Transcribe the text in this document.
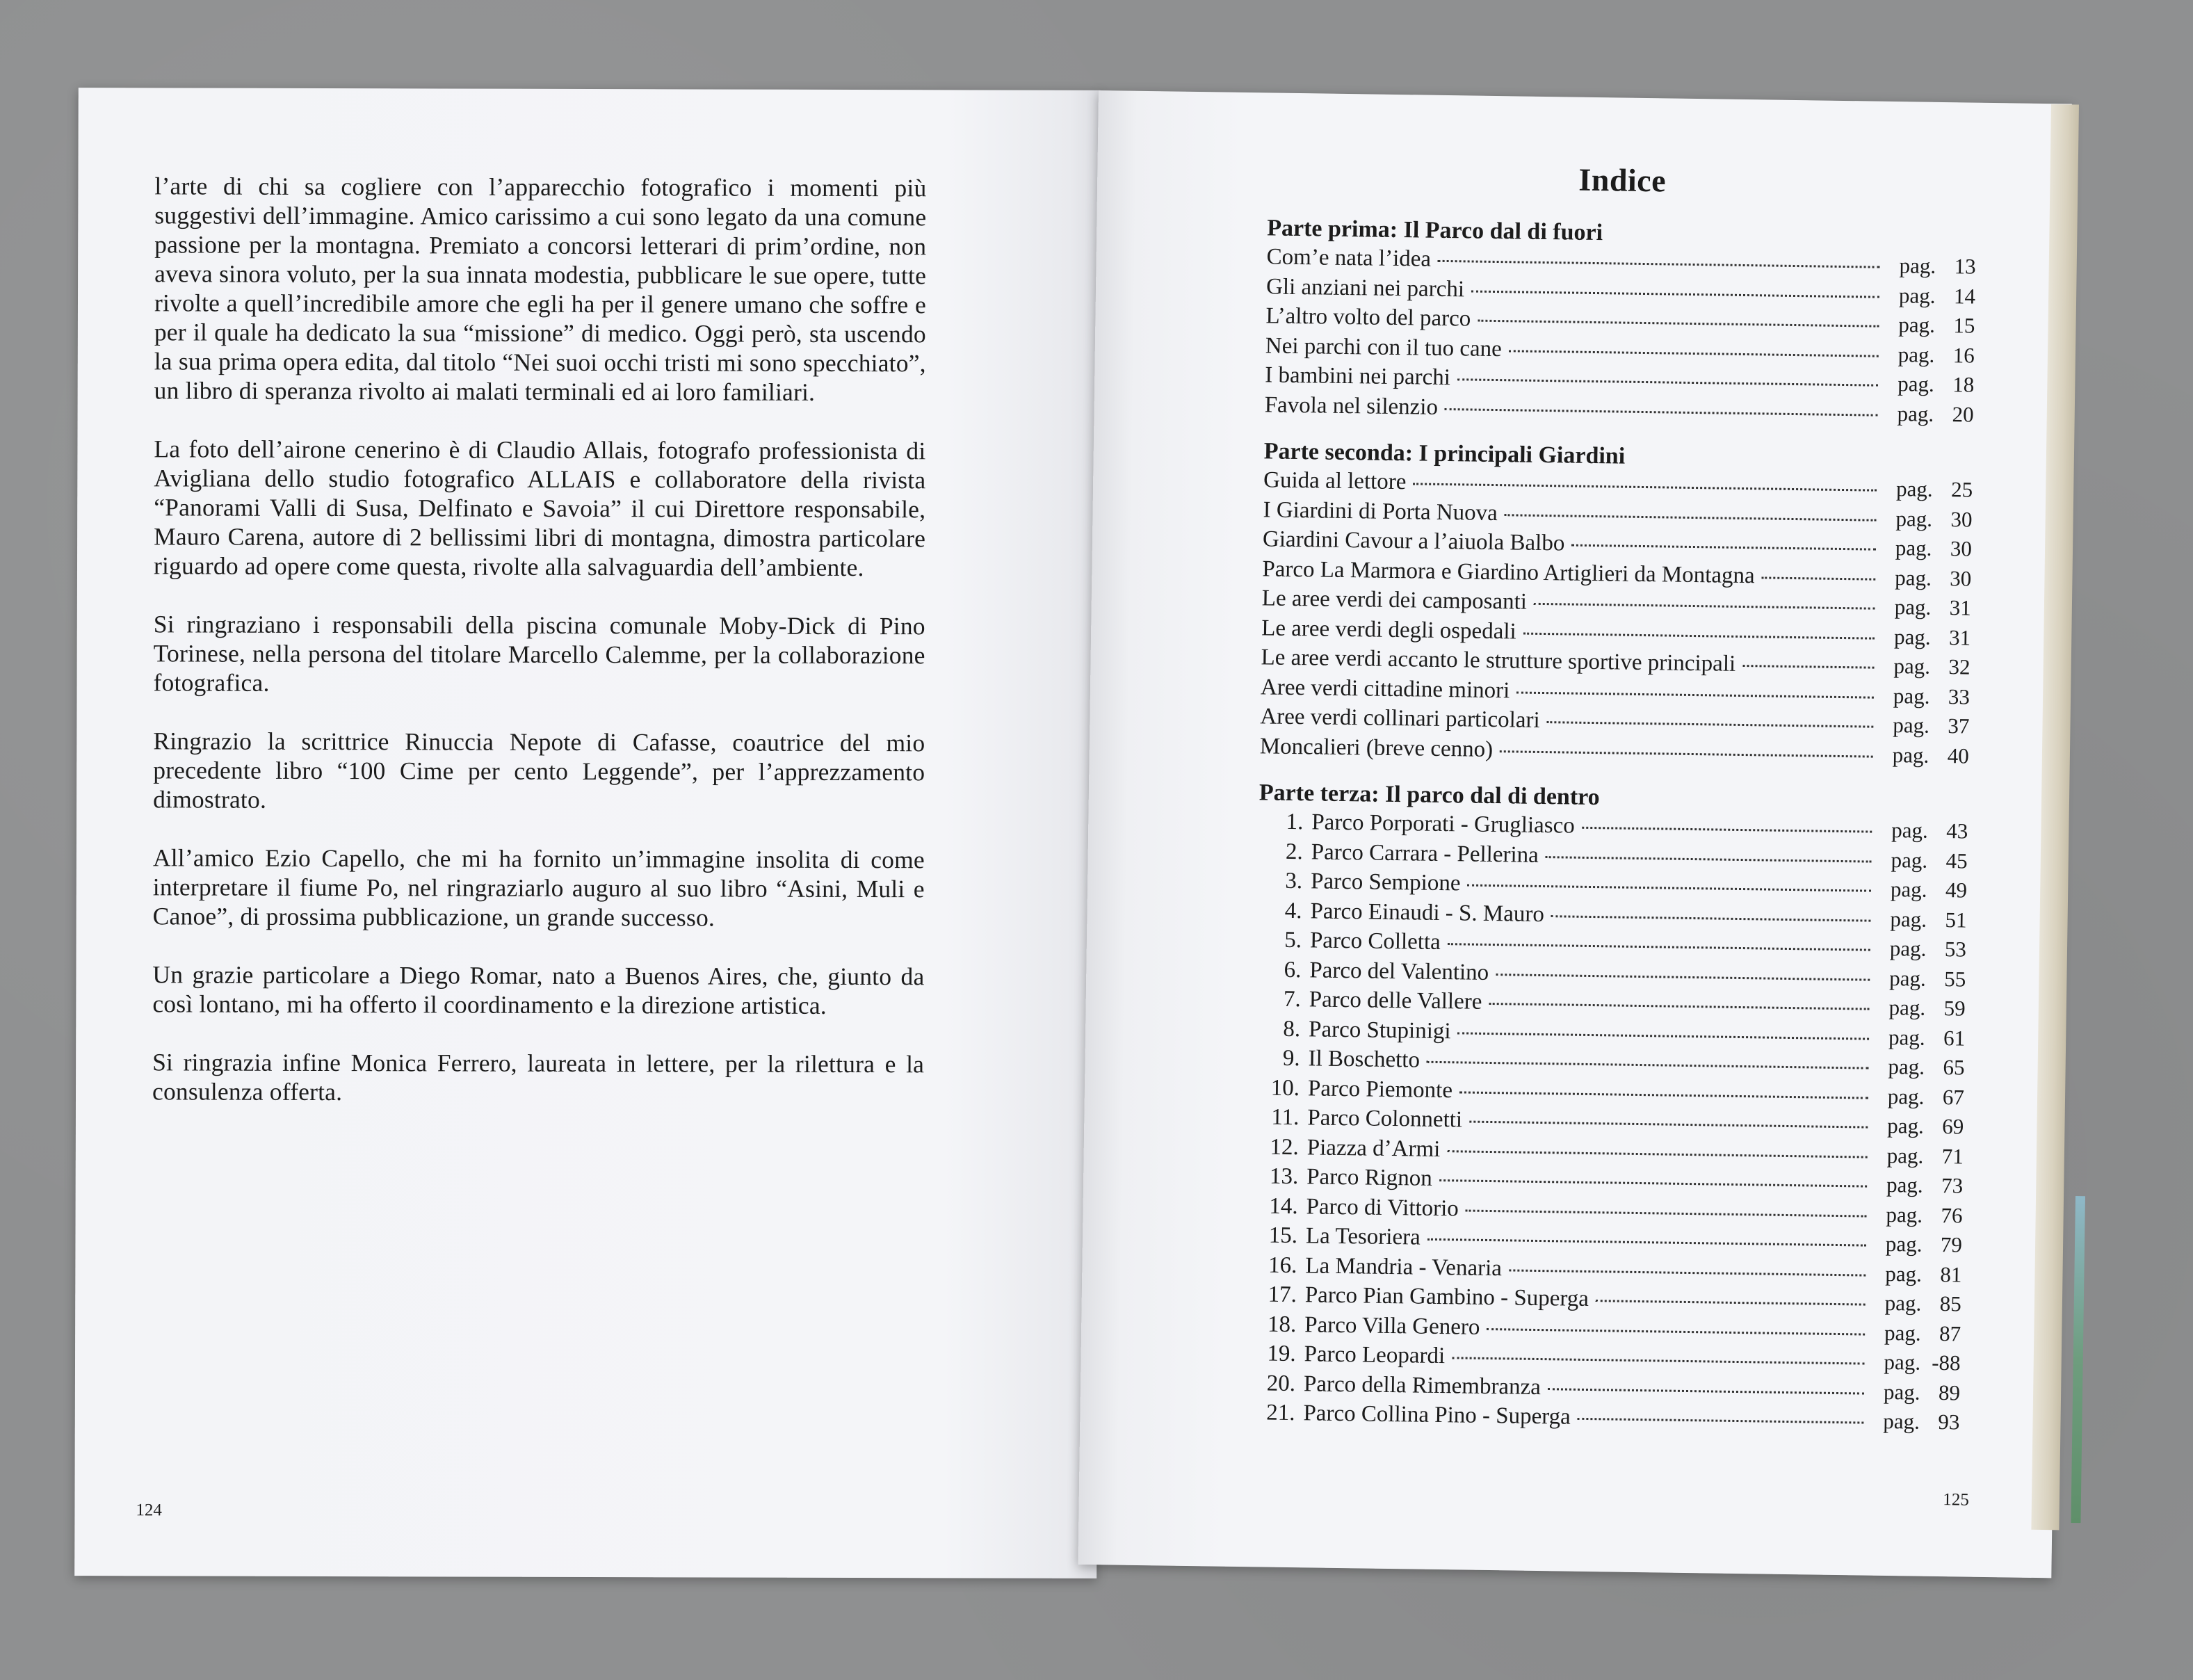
l’arte di chi sa cogliere con l’apparecchio fotografico i momenti più suggestivi dell’immagine. Amico carissimo a cui sono legato da una comune passione per la montagna. Premiato a concorsi letterari di prim’ordine, non aveva sinora voluto, per la sua innata modestia, pubblicare le sue opere, tutte rivolte a quell’incredibile amore che egli ha per il genere umano che soffre e per il quale ha dedicato la sua “missione” di medico. Oggi però, sta uscendo la sua prima opera edita, dal titolo “Nei suoi occhi tristi mi sono specchiato”, un libro di speranza rivolto ai malati terminali ed ai loro familiari.

La foto dell’airone cenerino è di Claudio Allais, fotografo professionista di Avigliana dello studio fotografico ALLAIS e collaboratore della rivista “Panorami Valli di Susa, Delfinato e Savoia” il cui Direttore responsabile, Mauro Carena, autore di 2 bellissimi libri di montagna, dimostra particolare riguardo ad opere come questa, rivolte alla salvaguardia dell’ambiente.

Si ringraziano i responsabili della piscina comunale Moby-Dick di Pino Torinese, nella persona del titolare Marcello Calemme, per la collaborazione fotografica.

Ringrazio la scrittrice Rinuccia Nepote di Cafasse, coautrice del mio precedente libro “100 Cime per cento Leggende”, per l’apprezzamento dimostrato.

All’amico Ezio Capello, che mi ha fornito un’immagine insolita di come interpretare il fiume Po, nel ringraziarlo auguro al suo libro “Asini, Muli e Canoe”, di prossima pubblicazione, un grande successo.

Un grazie particolare a Diego Romar, nato a Buenos Aires, che, giunto da così lontano, mi ha offerto il coordinamento e la direzione artistica.

Si ringrazia infine Monica Ferrero, laureata in lettere, per la rilettura e la consulenza offerta.

124
Indice
Parte prima: Il Parco dal di fuori
Com’e nata l’idea	pag. 13
Gli anziani nei parchi	pag. 14
L’altro volto del parco	pag. 15
Nei parchi con il tuo cane	pag. 16
I bambini nei parchi	pag. 18
Favola nel silenzio	pag. 20
Parte seconda: I principali Giardini
Guida al lettore	pag. 25
I Giardini di Porta Nuova	pag. 30
Giardini Cavour a l’aiuola Balbo	pag. 30
Parco La Marmora e Giardino Artiglieri da Montagna	pag. 30
Le aree verdi dei camposanti	pag. 31
Le aree verdi degli ospedali	pag. 31
Le aree verdi accanto le strutture sportive principali	pag. 32
Aree verdi cittadine minori	pag. 33
Aree verdi collinari particolari	pag. 37
Moncalieri (breve cenno)	pag. 40
Parte terza: Il parco dal di dentro
1. Parco Porporati - Grugliasco	pag. 43
2. Parco Carrara - Pellerina	pag. 45
3. Parco Sempione	pag. 49
4. Parco Einaudi - S. Mauro	pag. 51
5. Parco Colletta	pag. 53
6. Parco del Valentino	pag. 55
7. Parco delle Vallere	pag. 59
8. Parco Stupinigi	pag. 61
9. Il Boschetto	pag. 65
10. Parco Piemonte	pag. 67
11. Parco Colonnetti	pag. 69
12. Piazza d’Armi	pag. 71
13. Parco Rignon	pag. 73
14. Parco di Vittorio	pag. 76
15. La Tesoriera	pag. 79
16. La Mandria - Venaria	pag. 81
17. Parco Pian Gambino - Superga	pag. 85
18. Parco Villa Genero	pag. 87
19. Parco Leopardi	pag. -88
20. Parco della Rimembranza	pag. 89
21. Parco Collina Pino - Superga	pag. 93
125
